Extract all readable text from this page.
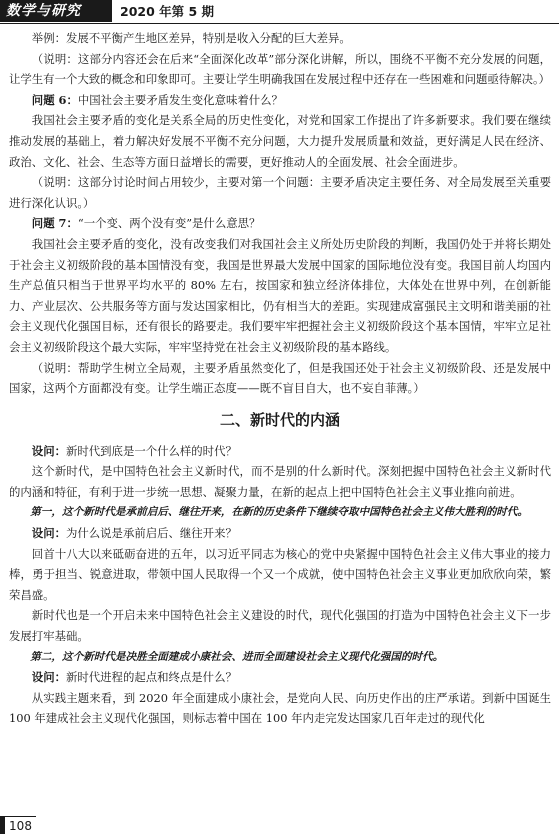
数学与研究	2020 年第 5 期

举例：发展不平衡产生地区差异，特别是收入分配的巨大差异。

（说明：这部分内容还会在后来“全面深化改革”部分深化讲解，所以，围绕不平衡不充分发展的问题，让学生有一个大致的概念和印象即可。主要让学生明确我国在发展过程中还存在一些困难和问题亟待解决。）

问题 6：中国社会主要矛盾发生变化意味着什么？

我国社会主要矛盾的变化是关系全局的历史性变化，对党和国家工作提出了许多新要求。我们要在继续推动发展的基础上，着力解决好发展不平衡不充分问题，大力提升发展质量和效益，更好满足人民在经济、政治、文化、社会、生态等方面日益增长的需要，更好推动人的全面发展、社会全面进步。

（说明：这部分讨论时间占用较少，主要对第一个问题：主要矛盾决定主要任务、对全局发展至关重要进行深化认识。）

问题 7：“一个变、两个没有变”是什么意思？

我国社会主要矛盾的变化，没有改变我们对我国社会主义所处历史阶段的判断，我国仍处于并将长期处于社会主义初级阶段的基本国情没有变，我国是世界最大发展中国家的国际地位没有变。我国目前人均国内生产总值只相当于世界平均水平的 80% 左右，按国家和独立经济体排位，大体处在世界中列，在创新能力、产业层次、公共服务等方面与发达国家相比，仍有相当大的差距。实现建成富强民主文明和谐美丽的社会主义现代化强国目标，还有很长的路要走。我们要牢牢把握社会主义初级阶段这个基本国情，牢牢立足社会主义初级阶段这个最大实际，牢牢坚持党在社会主义初级阶段的基本路线。

（说明：帮助学生树立全局观，主要矛盾虽然变化了，但是我国还处于社会主义初级阶段、还是发展中国家，这两个方面都没有变。让学生端正态度——既不盲目自大，也不妄自菲薄。）

二、新时代的内涵

设问：新时代到底是一个什么样的时代？

这个新时代，是中国特色社会主义新时代，而不是别的什么新时代。深刻把握中国特色社会主义新时代的内涵和特征，有利于进一步统一思想、凝聚力量，在新的起点上把中国特色社会主义事业推向前进。

第一，这个新时代是承前启后、继往开来，在新的历史条件下继续夺取中国特色社会主义伟大胜利的时代。

设问：为什么说是承前启后、继往开来？

回首十八大以来砥砺奋进的五年，以习近平同志为核心的党中央紧握中国特色社会主义伟大事业的接力棒，勇于担当、锐意进取，带领中国人民取得一个又一个成就，使中国特色社会主义事业更加欣欣向荣，繁荣昌盛。

新时代也是一个开启未来中国特色社会主义建设的时代，现代化强国的打造为中国特色社会主义下一步发展打牢基础。

第二，这个新时代是决胜全面建成小康社会、进而全面建设社会主义现代化强国的时代。

设问：新时代进程的起点和终点是什么？

从实践主题来看，到 2020 年全面建成小康社会，是党向人民、向历史作出的庄严承诺。到新中国诞生 100 年建成社会主义现代化强国，则标志着中国在 100 年内走完发达国家几百年走过的现代化

108
